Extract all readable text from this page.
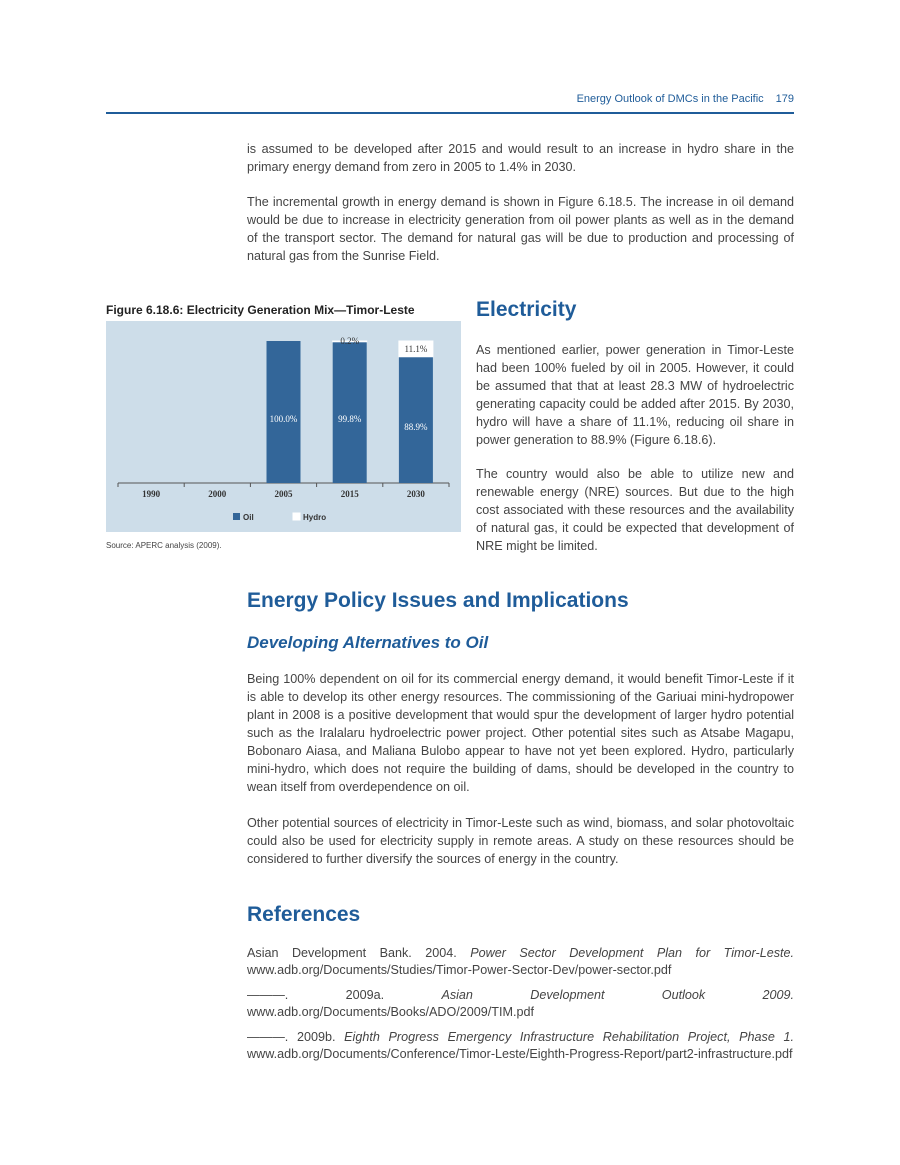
Energy Outlook of DMCs in the Pacific 179

is assumed to be developed after 2015 and would result to an increase in hydro share in the primary energy demand from zero in 2005 to 1.4% in 2030.

The incremental growth in energy demand is shown in Figure 6.18.5. The increase in oil demand would be due to increase in electricity generation from oil power plants as well as in the demand of the transport sector. The demand for natural gas will be due to production and processing of natural gas from the Sunrise Field.

Figure 6.18.6: Electricity Generation Mix—Timor-Leste
1990	2000
100.0%
2005
99.8%
0.2%
2015
88.9%
11.1%
2030
Oil	Hydro
Source: APERC analysis (2009).
Electricity

As mentioned earlier, power generation in Timor-Leste had been 100% fueled by oil in 2005. However, it could be assumed that that at least 28.3 MW of hydroelectric generating capacity could be added after 2015. By 2030, hydro will have a share of 11.1%, reducing oil share in power generation to 88.9% (Figure 6.18.6).

The country would also be able to utilize new and renewable energy (NRE) sources. But due to the high cost associated with these resources and the availability of natural gas, it could be expected that development of NRE might be limited.

Energy Policy Issues and Implications
Developing Alternatives to Oil

Being 100% dependent on oil for its commercial energy demand, it would benefit Timor-Leste if it is able to develop its other energy resources. The commissioning of the Gariuai mini-hydropower plant in 2008 is a positive development that would spur the development of larger hydro potential such as the Iralalaru hydroelectric power project. Other potential sites such as Atsabe Magapu, Bobonaro Aiasa, and Maliana Bulobo appear to have not yet been explored. Hydro, particularly mini-hydro, which does not require the building of dams, should be developed in the country to wean itself from overdependence on oil.

Other potential sources of electricity in Timor-Leste such as wind, biomass, and solar photovoltaic could also be used for electricity supply in remote areas. A study on these resources should be considered to further diversify the sources of energy in the country.

References
Asian Development Bank. 2004. Power Sector Development Plan for Timor-Leste. www.adb.org/Documents/Studies/Timor-Power-Sector-Dev/power-sector.pdf
———. 2009a. Asian Development Outlook 2009. www.adb.org/Documents/Books/ADO/2009/TIM.pdf
———. 2009b. Eighth Progress Emergency Infrastructure Rehabilitation Project, Phase 1. www.adb.org/Documents/Conference/Timor-Leste/Eighth-Progress-Report/part2-infrastructure.pdf
